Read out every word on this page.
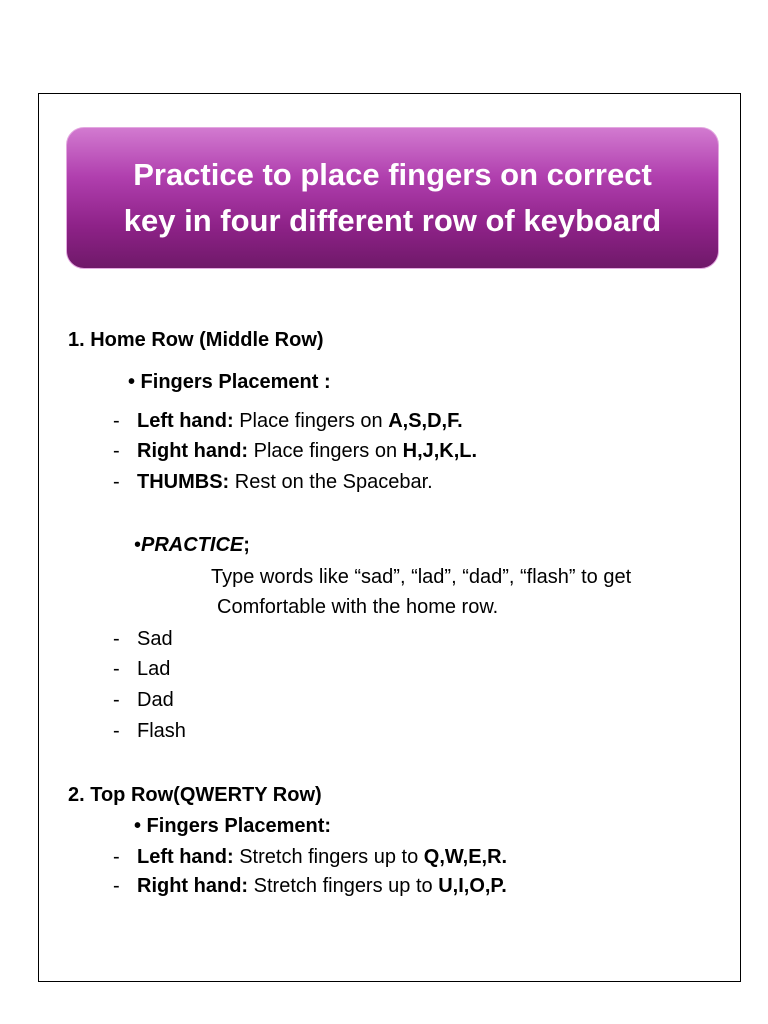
Practice to place fingers on correct
key in four different row of keyboard

1. Home Row (Middle Row)
• Fingers Placement :
- Left hand: Place fingers on A,S,D,F.
- Right hand: Place fingers on H,J,K,L.
- THUMBS: Rest on the Spacebar.
•PRACTICE;
Type words like “sad”, “lad”, “dad”, “flash” to get
Comfortable with the home row.
- Sad
- Lad
- Dad
- Flash
2. Top Row(QWERTY Row)
• Fingers Placement:
- Left hand: Stretch fingers up to Q,W,E,R.
- Right hand: Stretch fingers up to U,I,O,P.
